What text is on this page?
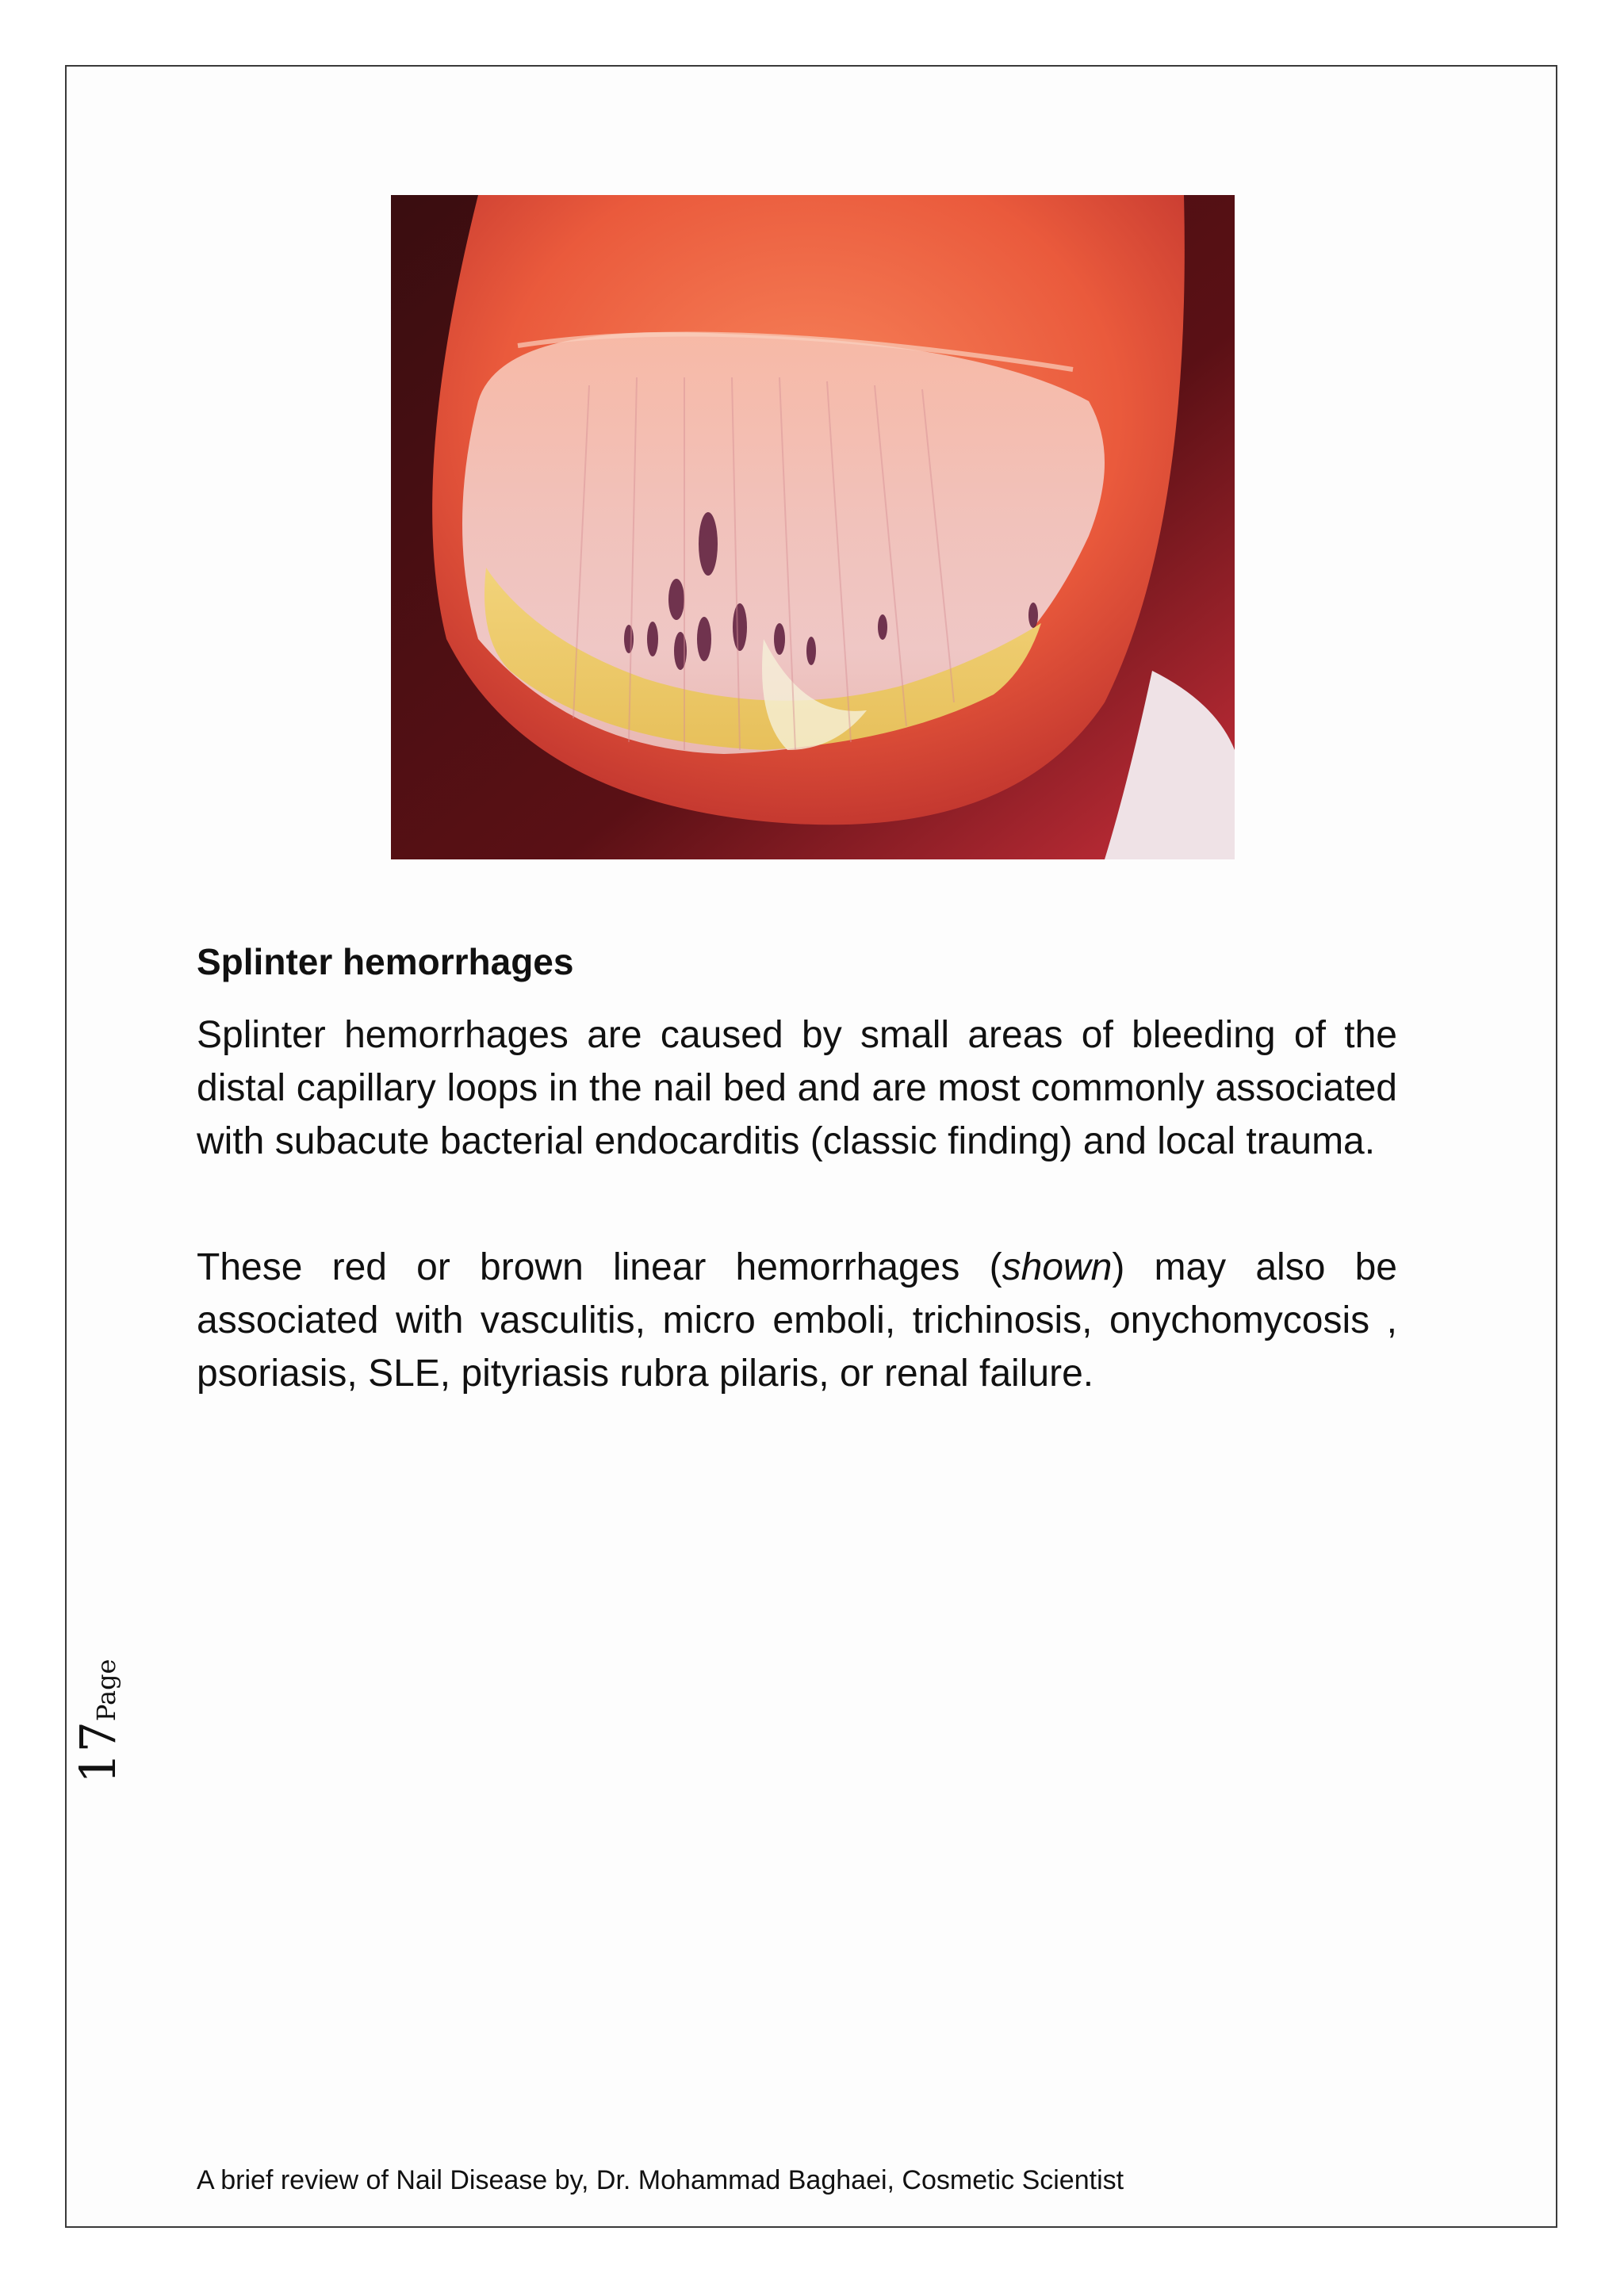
Splinter hemorrhages

Splinter hemorrhages are caused by small areas of bleeding of the distal capillary loops in the nail bed and are most commonly associated with subacute bacterial endocarditis (classic finding) and local trauma.

These red or brown linear hemorrhages (shown) may also be associated with vasculitis, micro emboli, trichinosis, onychomycosis , psoriasis, SLE, pityriasis rubra pilaris, or renal failure.

17Page
A brief review of Nail Disease by, Dr. Mohammad Baghaei, Cosmetic Scientist
